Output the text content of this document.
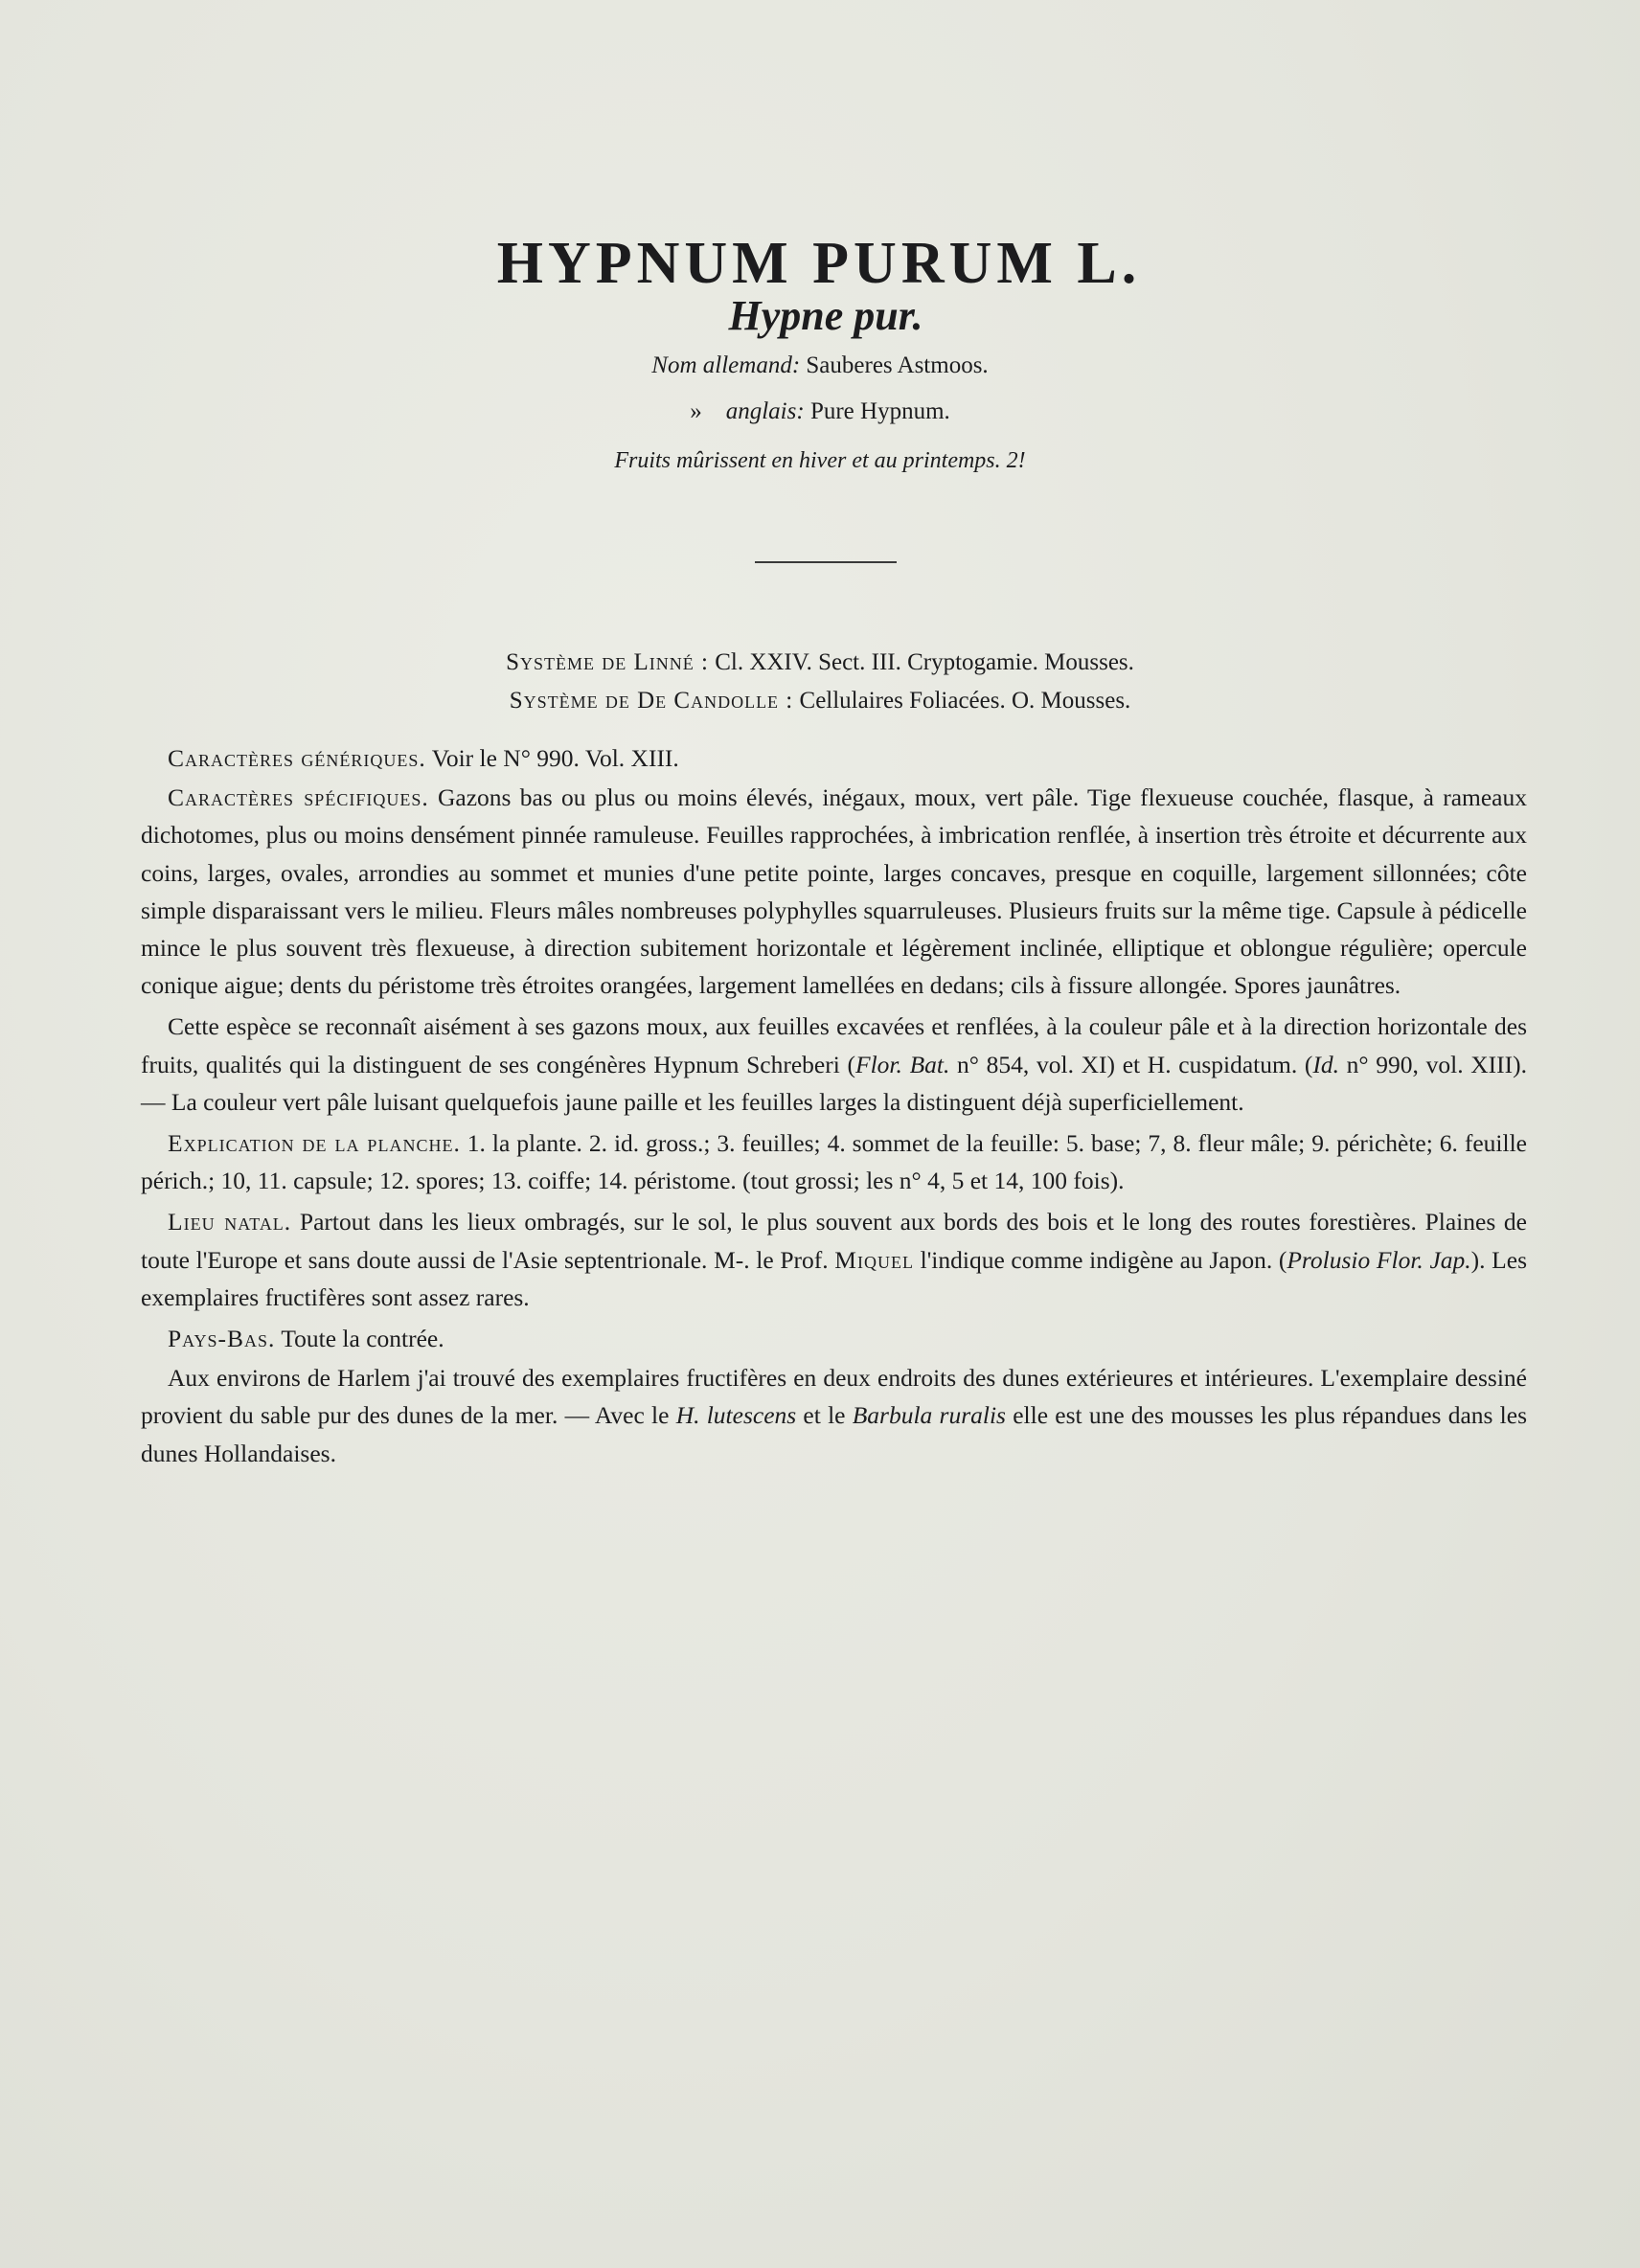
HYPNUM PURUM L.
Hypne pur.
Nom allemand: Sauberes Astmoos.
» anglais: Pure Hypnum.
Fruits mûrissent en hiver et au printemps. 2!
Système de Linné : Cl. XXIV. Sect. III. Cryptogamie. Mousses.
Système de De Candolle : Cellulaires Foliacées. O. Mousses.

Caractères génériques. Voir le N° 990. Vol. XIII.

Caractères spécifiques. Gazons bas ou plus ou moins élevés, inégaux, moux, vert pâle. Tige flexueuse couchée, flasque, à rameaux dichotomes, plus ou moins densément pinnée ramuleuse. Feuilles rapprochées, à imbrication renflée, à insertion très étroite et décurrente aux coins, larges, ovales, arrondies au sommet et munies d'une petite pointe, larges concaves, presque en coquille, largement sillonnées; côte simple disparaissant vers le milieu. Fleurs mâles nombreuses polyphylles squarruleuses. Plusieurs fruits sur la même tige. Capsule à pédicelle mince le plus souvent très flexueuse, à direction subitement horizontale et légèrement inclinée, elliptique et oblongue régulière; opercule conique aigue; dents du péristome très étroites orangées, largement lamellées en dedans; cils à fissure allongée. Spores jaunâtres.

Cette espèce se reconnaît aisément à ses gazons moux, aux feuilles excavées et renflées, à la couleur pâle et à la direction horizontale des fruits, qualités qui la distinguent de ses congénères Hypnum Schreberi (Flor. Bat. n° 854, vol. XI) et H. cuspidatum. (Id. n° 990, vol. XIII). — La couleur vert pâle luisant quelquefois jaune paille et les feuilles larges la distinguent déjà superficiellement.

Explication de la planche. 1. la plante. 2. id. gross.; 3. feuilles; 4. sommet de la feuille: 5. base; 7, 8. fleur mâle; 9. périchète; 6. feuille périch.; 10, 11. capsule; 12. spores; 13. coiffe; 14. péristome. (tout grossi; les n° 4, 5 et 14, 100 fois).

Lieu natal. Partout dans les lieux ombragés, sur le sol, le plus souvent aux bords des bois et le long des routes forestières. Plaines de toute l'Europe et sans doute aussi de l'Asie septentrionale. M-. le Prof. Miquel l'indique comme indigène au Japon. (Prolusio Flor. Jap.). Les exemplaires fructifères sont assez rares.

Pays-Bas. Toute la contrée.

Aux environs de Harlem j'ai trouvé des exemplaires fructifères en deux endroits des dunes extérieures et intérieures. L'exemplaire dessiné provient du sable pur des dunes de la mer. — Avec le H. lutescens et le Barbula ruralis elle est une des mousses les plus répandues dans les dunes Hollandaises.
